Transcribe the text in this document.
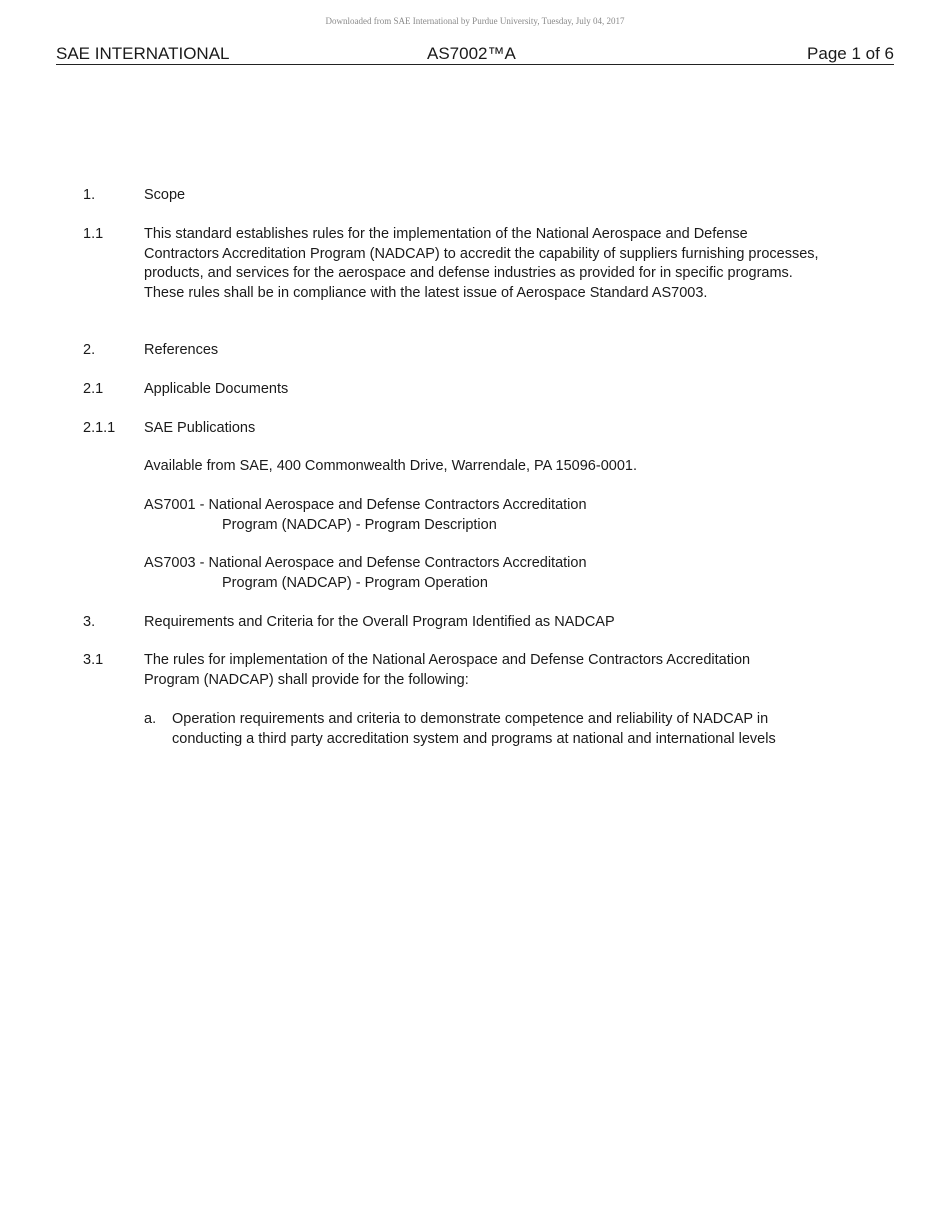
Downloaded from SAE International by Purdue University, Tuesday, July 04, 2017
SAE INTERNATIONAL	AS7002™A	Page 1 of 6
1.	Scope
1.1	This standard establishes rules for the implementation of the National Aerospace and Defense Contractors Accreditation Program (NADCAP) to accredit the capability of suppliers furnishing processes, products, and services for the aerospace and defense industries as provided for in specific programs. These rules shall be in compliance with the latest issue of Aerospace Standard AS7003.

2.	References
2.1	Applicable Documents
2.1.1 SAE Publications
Available from SAE, 400 Commonwealth Drive, Warrendale, PA 15096-0001.

AS7001 - National Aerospace and Defense Contractors Accreditation

Program (NADCAP) - Program Description

AS7003 - National Aerospace and Defense Contractors Accreditation

Program (NADCAP) - Program Operation

3.	Requirements and Criteria for the Overall Program Identified as NADCAP
3.1	The rules for implementation of the National Aerospace and Defense Contractors Accreditation Program (NADCAP) shall provide for the following:

a. Operation requirements and criteria to demonstrate competence and reliability of NADCAP in conducting a third party accreditation system and programs at national and international levels
